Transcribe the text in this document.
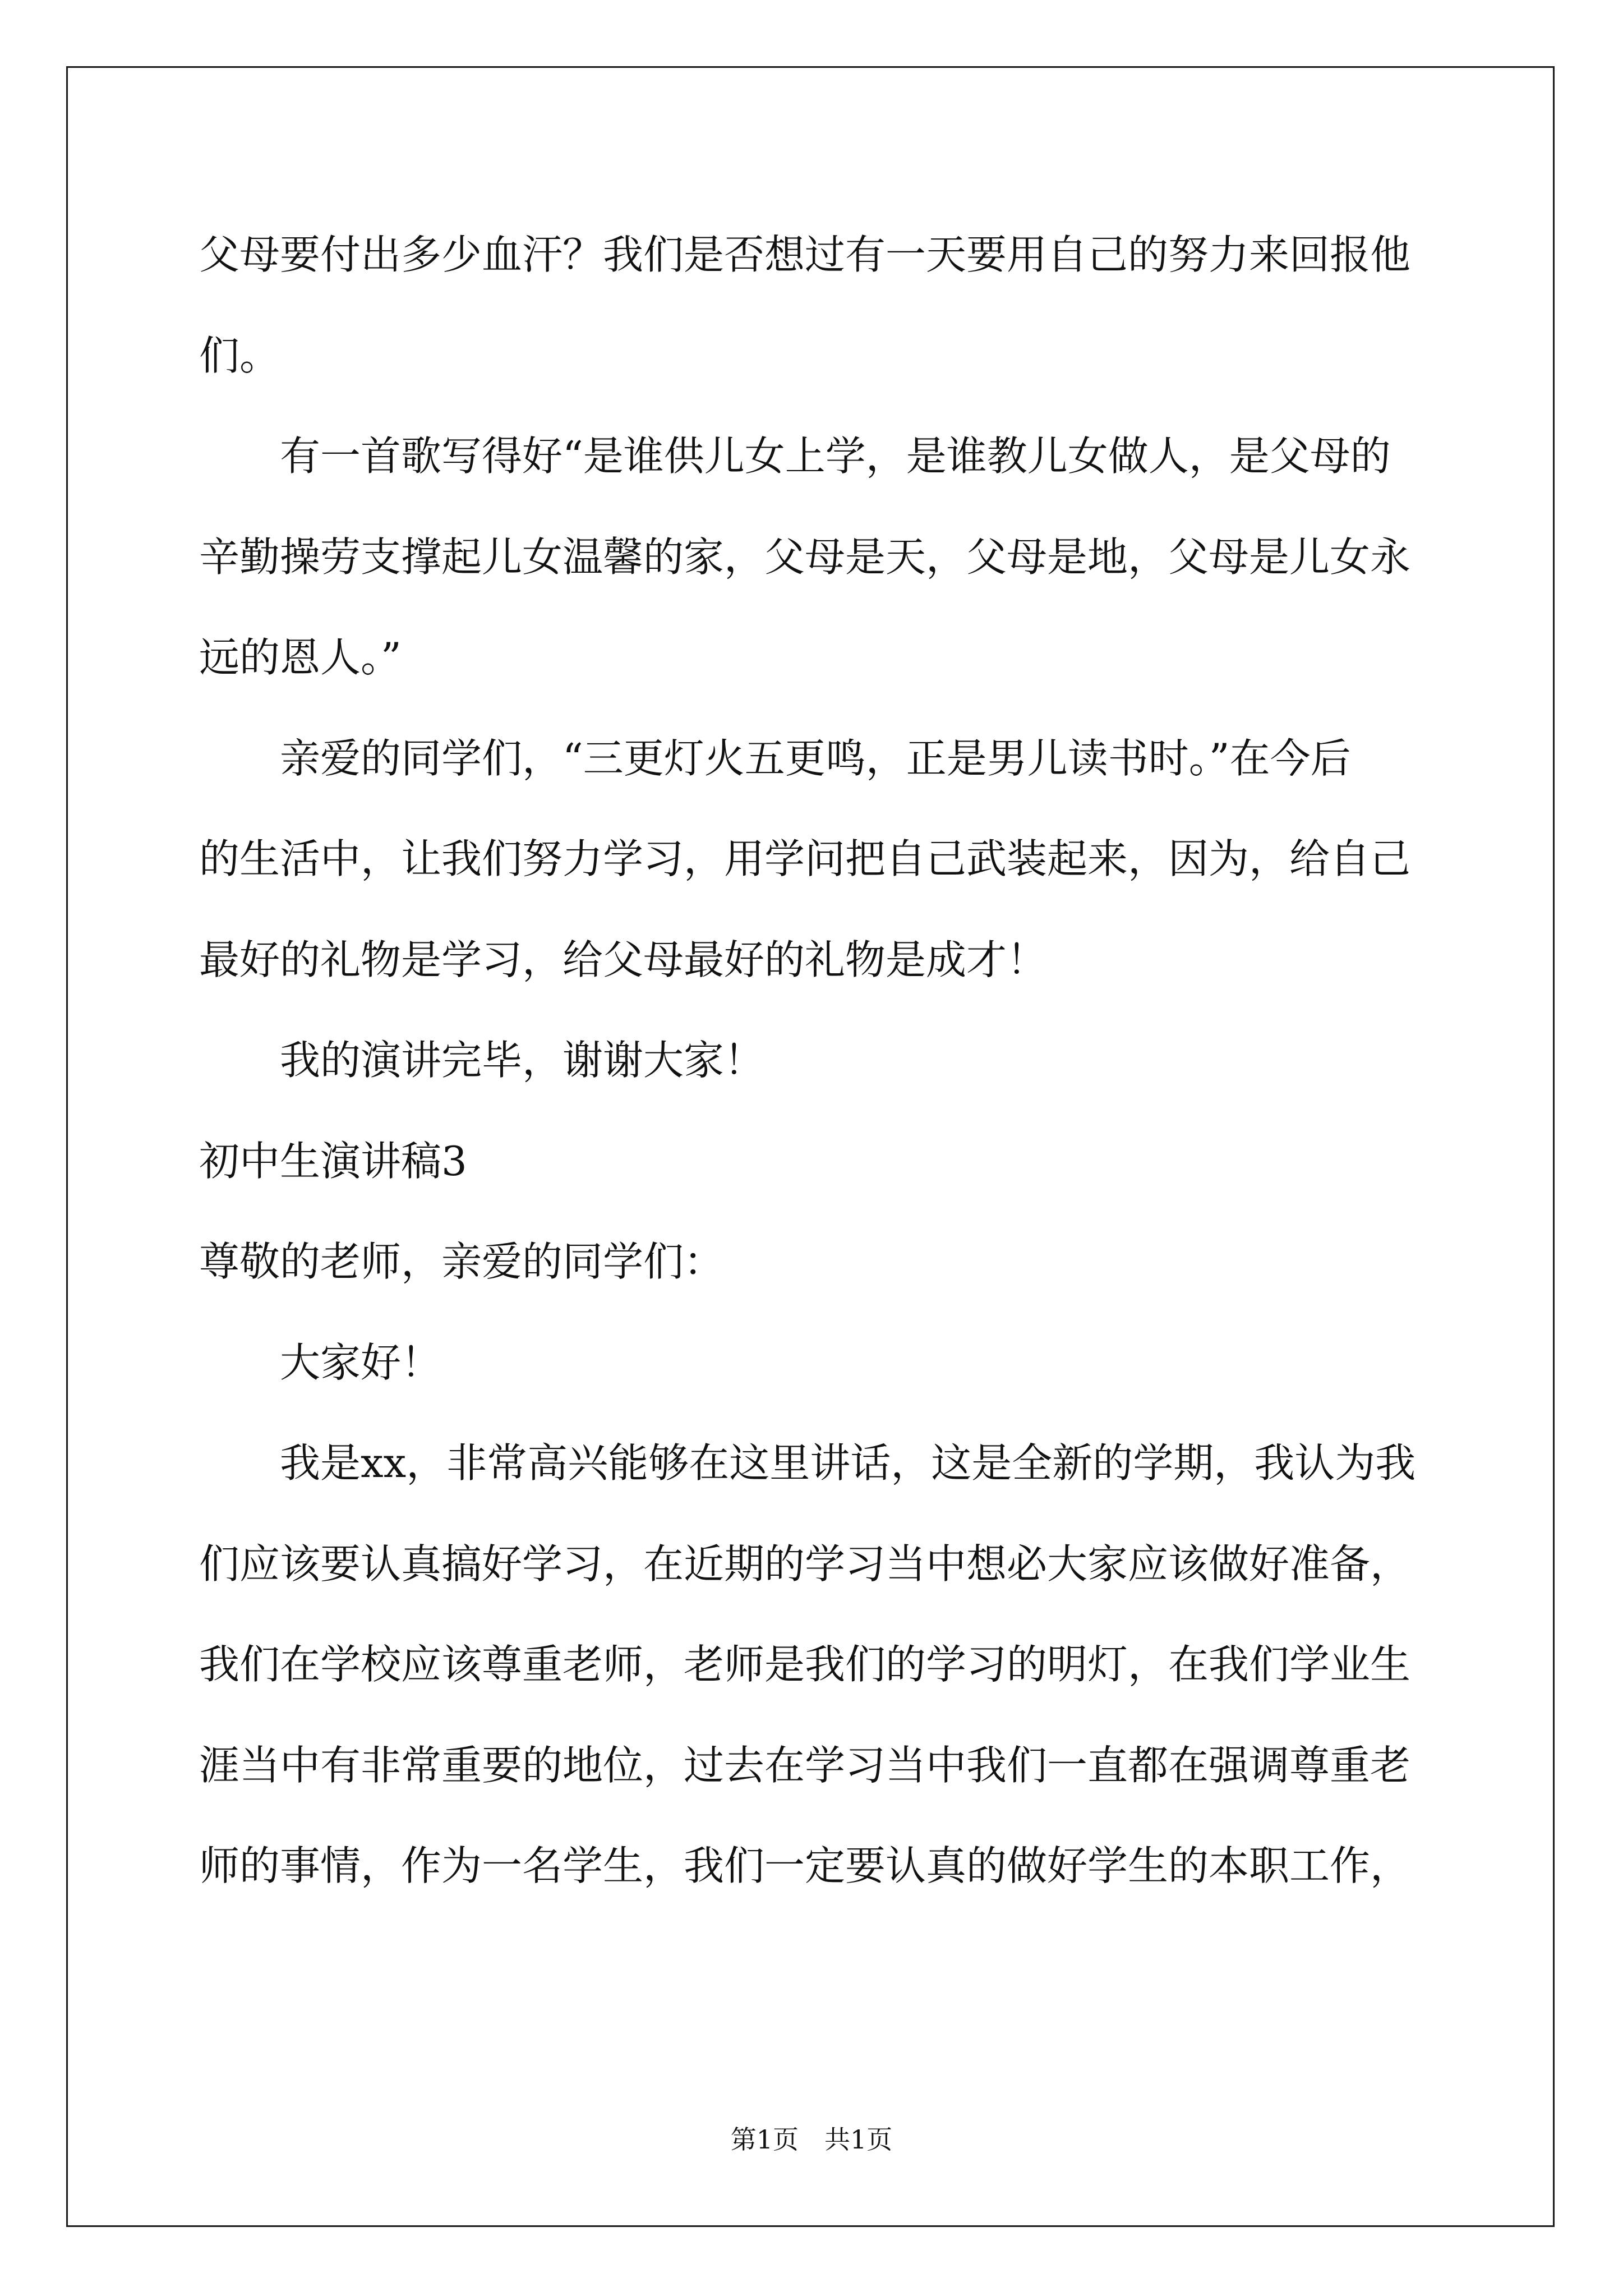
父母要付出多少血汗？我们是否想过有一天要用自己的努力来回报他

们。

有一首歌写得好“是谁供儿女上学，是谁教儿女做人，是父母的

辛勤操劳支撑起儿女温馨的家，父母是天，父母是地，父母是儿女永

远的恩人。”

亲爱的同学们，“三更灯火五更鸣，正是男儿读书时。”在今后

的生活中，让我们努力学习，用学问把自己武装起来，因为，给自己

最好的礼物是学习，给父母最好的礼物是成才！

我的演讲完毕，谢谢大家！

初中生演讲稿3

尊敬的老师，亲爱的同学们：

大家好！

我是xx，非常高兴能够在这里讲话，这是全新的学期，我认为我

们应该要认真搞好学习，在近期的学习当中想必大家应该做好准备，

我们在学校应该尊重老师，老师是我们的学习的明灯，在我们学业生

涯当中有非常重要的地位，过去在学习当中我们一直都在强调尊重老

师的事情，作为一名学生，我们一定要认真的做好学生的本职工作，

第1页　共1页
